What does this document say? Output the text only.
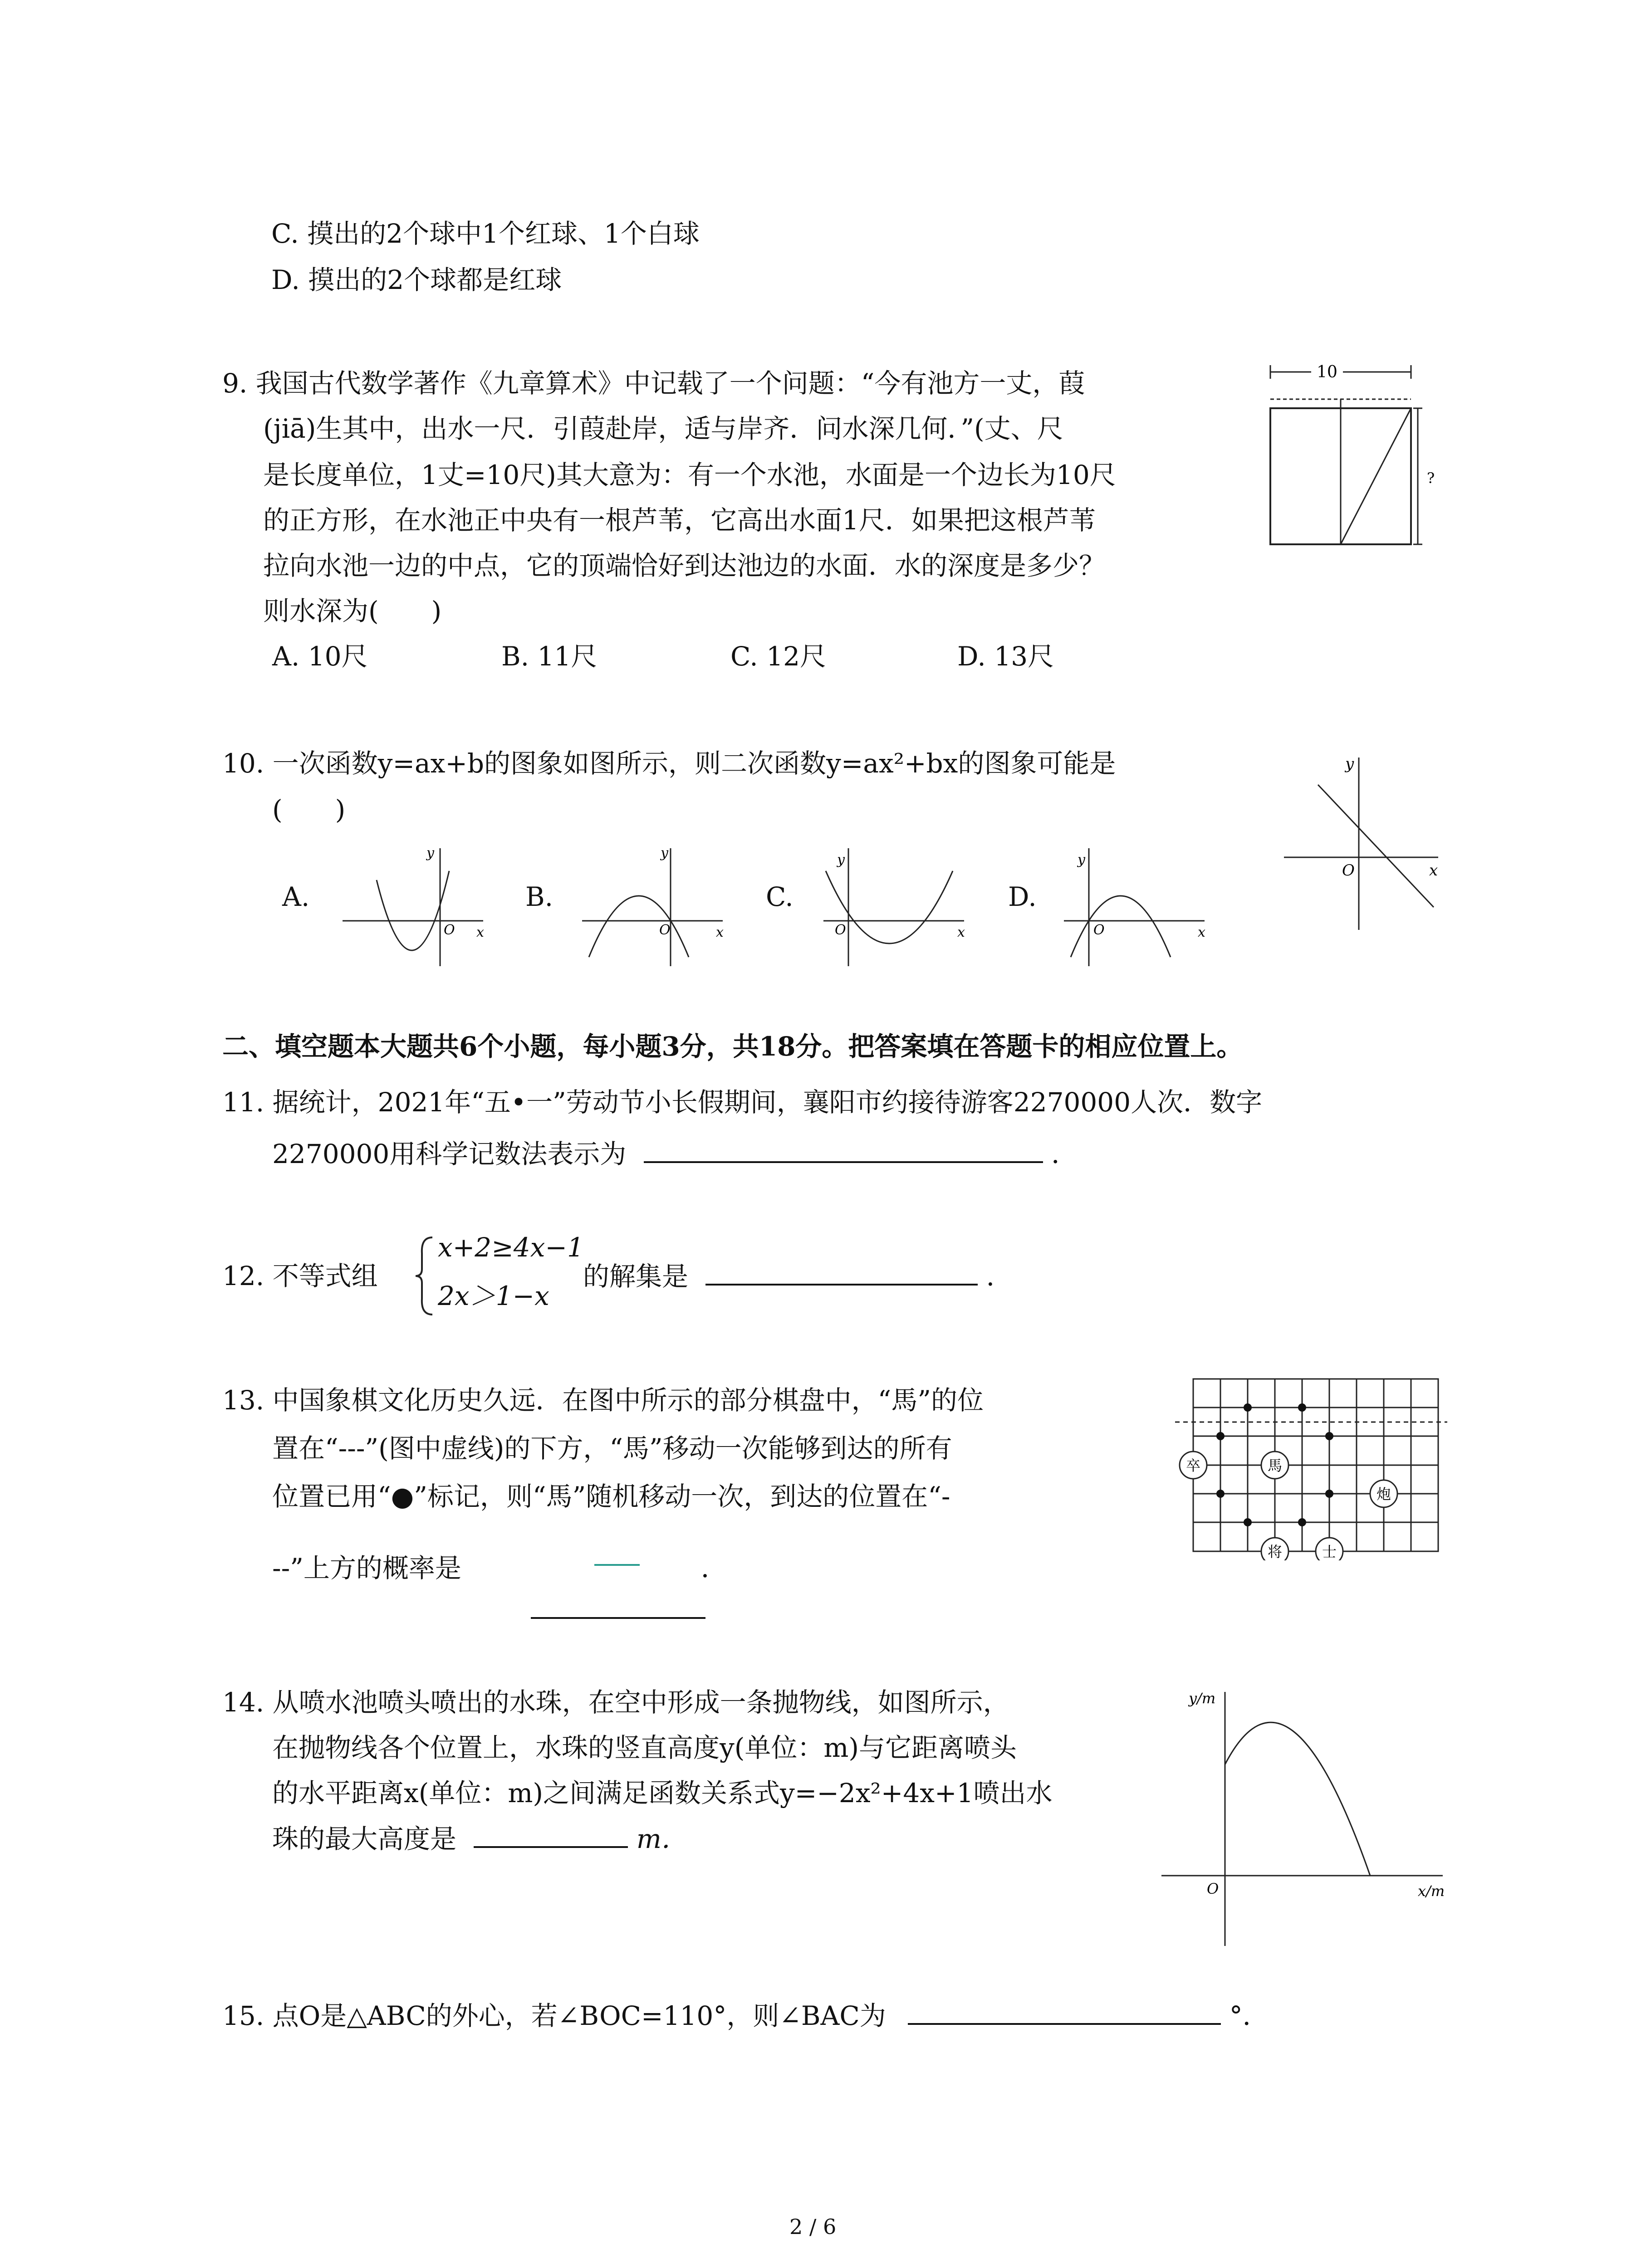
C. 摸出的2个球中1个红球、1个白球
D. 摸出的2个球都是红球
9. 我国古代数学著作《九章算术》中记载了一个问题：“今有池方一丈，葭
(jiā)生其中，出水一尺．引葭赴岸，适与岸齐．问水深几何．”(丈、尺
是长度单位，1丈=10尺)其大意为：有一个水池，水面是一个边长为10尺
的正方形，在水池正中央有一根芦苇，它高出水面1尺．如果把这根芦苇
拉向水池一边的中点，它的顶端恰好到达池边的水面．水的深度是多少？
则水深为(　　)
A. 10尺	B. 11尺	C. 12尺	D. 13尺
10
?
10. 一次函数y=ax+b的图象如图所示，则二次函数y=ax²+bx的图象可能是
(　　)
A.	B.	C.	D.
y
x
O
y
x
O
y
x
O
y
x
O
y
x
O
二、填空题本大题共6个小题，每小题3分，共18分。把答案填在答题卡的相应位置上。
11. 据统计，2021年“五•一”劳动节小长假期间，襄阳市约接待游客2270000人次．数字
2270000用科学记数法表示为	．
12. 不等式组
x+2≥4x−1
2x＞1−x
的解集是	．
13. 中国象棋文化历史久远．在图中所示的部分棋盘中，“馬”的位
置在“---”(图中虚线)的下方，“馬”移动一次能够到达的所有
位置已用“●”标记，则“馬”随机移动一次，到达的位置在“-
--”上方的概率是	．
卒	馬
炮
将	士
14. 从喷水池喷头喷出的水珠，在空中形成一条抛物线，如图所示，
在抛物线各个位置上，水珠的竖直高度y(单位：m)与它距离喷头
的水平距离x(单位：m)之间满足函数关系式y=−2x²+4x+1喷出水
珠的最大高度是	m．
y/m
x/m
O
15. 点O是△ABC的外心，若∠BOC=110°，则∠BAC为	°．
2 / 6
